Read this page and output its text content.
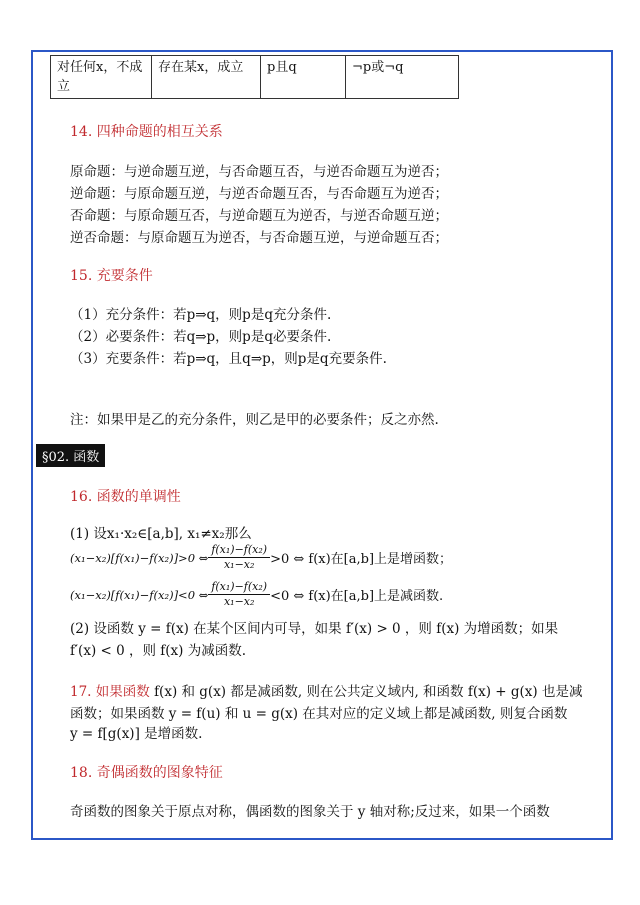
对任何x，不成立	存在某x，成立	p且q	¬p或¬q
14. 四种命题的相互关系
原命题：与逆命题互逆，与否命题互否，与逆否命题互为逆否；
逆命题：与原命题互逆，与逆否命题互否，与否命题互为逆否；
否命题：与原命题互否，与逆命题互为逆否，与逆否命题互逆；
逆否命题：与原命题互为逆否，与否命题互逆，与逆命题互否；
15. 充要条件
（1）充分条件：若p⇒q，则p是q充分条件.
（2）必要条件：若q⇒p，则p是q必要条件.
（3）充要条件：若p⇒q，且q⇒p，则p是q充要条件.
注：如果甲是乙的充分条件，则乙是甲的必要条件；反之亦然.
§02. 函数
16. 函数的单调性
(1) 设x₁·x₂∈[a,b], x₁≠x₂那么
(x₁−x₂)[f(x₁)−f(x₂)]>0 ⇔ $\frac{\text{f(x₁)−f(x₂)}}{\text{x₁−x₂}} >0$ ⇔ f(x)在[a,b]上是增函数；
(x₁−x₂)[f(x₁)−f(x₂)]<0 ⇔ $\frac{\text{f(x₁)−f(x₂)}}{\text{x₁−x₂}} <0$ ⇔ f(x)在[a,b]上是减函数.
(2) 设函数 y = f(x) 在某个区间内可导，如果 f′(x) > 0 ，则 f(x) 为增函数；如果
f′(x) < 0 ，则 f(x) 为减函数.
17. 如果函数 f(x) 和 g(x) 都是减函数, 则在公共定义域内, 和函数 f(x) + g(x) 也是减
函数；如果函数 y = f(u) 和 u = g(x) 在其对应的定义域上都是减函数, 则复合函数
y = f[g(x)] 是增函数.
18. 奇偶函数的图象特征
奇函数的图象关于原点对称，偶函数的图象关于 y 轴对称;反过来，如果一个函数
